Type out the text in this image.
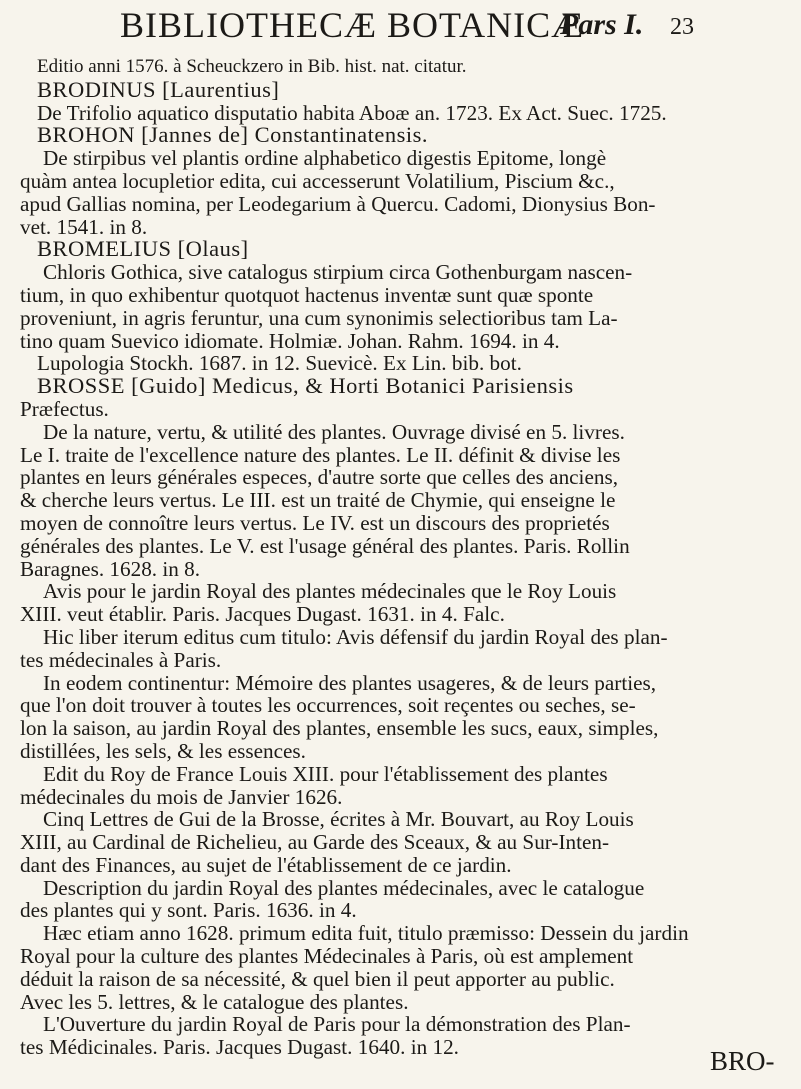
BIBLIOTHECÆ BOTANICÆ
Pars I. 23
Editio anni 1576. à Scheuckzero in Bib. hist. nat. citatur.
BRODINUS [Laurentius]
De Trifolio aquatico disputatio habita Aboæ an. 1723. Ex Act. Suec. 1725.
BROHON [Jannes de] Constantinatensis.
De stirpibus vel plantis ordine alphabetico digestis Epitome, longè
quàm antea locupletior edita, cui accesserunt Volatilium, Piscium &c.,
apud Gallias nomina, per Leodegarium à Quercu. Cadomi, Dionysius Bon-
vet. 1541. in 8.
BROMELIUS [Olaus]
Chloris Gothica, sive catalogus stirpium circa Gothenburgam nascen-
tium, in quo exhibentur quotquot hactenus inventæ sunt quæ sponte
proveniunt, in agris feruntur, una cum synonimis selectioribus tam La-
tino quam Suevico idiomate. Holmiæ. Johan. Rahm. 1694. in 4.
Lupologia Stockh. 1687. in 12. Suevicè. Ex Lin. bib. bot.
BROSSE [Guido] Medicus, & Horti Botanici Parisiensis
Præfectus.
De la nature, vertu, & utilité des plantes. Ouvrage divisé en 5. livres.
Le I. traite de l'excellence nature des plantes. Le II. définit & divise les
plantes en leurs générales especes, d'autre sorte que celles des anciens,
& cherche leurs vertus. Le III. est un traité de Chymie, qui enseigne le
moyen de connoître leurs vertus. Le IV. est un discours des proprietés
générales des plantes. Le V. est l'usage général des plantes. Paris. Rollin
Baragnes. 1628. in 8.
Avis pour le jardin Royal des plantes médecinales que le Roy Louis
XIII. veut établir. Paris. Jacques Dugast. 1631. in 4. Falc.
Hic liber iterum editus cum titulo: Avis défensif du jardin Royal des plan-
tes médecinales à Paris.
In eodem continentur: Mémoire des plantes usageres, & de leurs parties,
que l'on doit trouver à toutes les occurrences, soit reçentes ou seches, se-
lon la saison, au jardin Royal des plantes, ensemble les sucs, eaux, simples,
distillées, les sels, & les essences.
Edit du Roy de France Louis XIII. pour l'établissement des plantes
médecinales du mois de Janvier 1626.
Cinq Lettres de Gui de la Brosse, écrites à Mr. Bouvart, au Roy Louis
XIII, au Cardinal de Richelieu, au Garde des Sceaux, & au Sur-Inten-
dant des Finances, au sujet de l'établissement de ce jardin.
Description du jardin Royal des plantes médecinales, avec le catalogue
des plantes qui y sont. Paris. 1636. in 4.
Hæc etiam anno 1628. primum edita fuit, titulo præmisso: Dessein du jardin
Royal pour la culture des plantes Médecinales à Paris, où est amplement
déduit la raison de sa nécessité, & quel bien il peut apporter au public.
Avec les 5. lettres, & le catalogue des plantes.
L'Ouverture du jardin Royal de Paris pour la démonstration des Plan-
tes Médicinales. Paris. Jacques Dugast. 1640. in 12.	BRO-
